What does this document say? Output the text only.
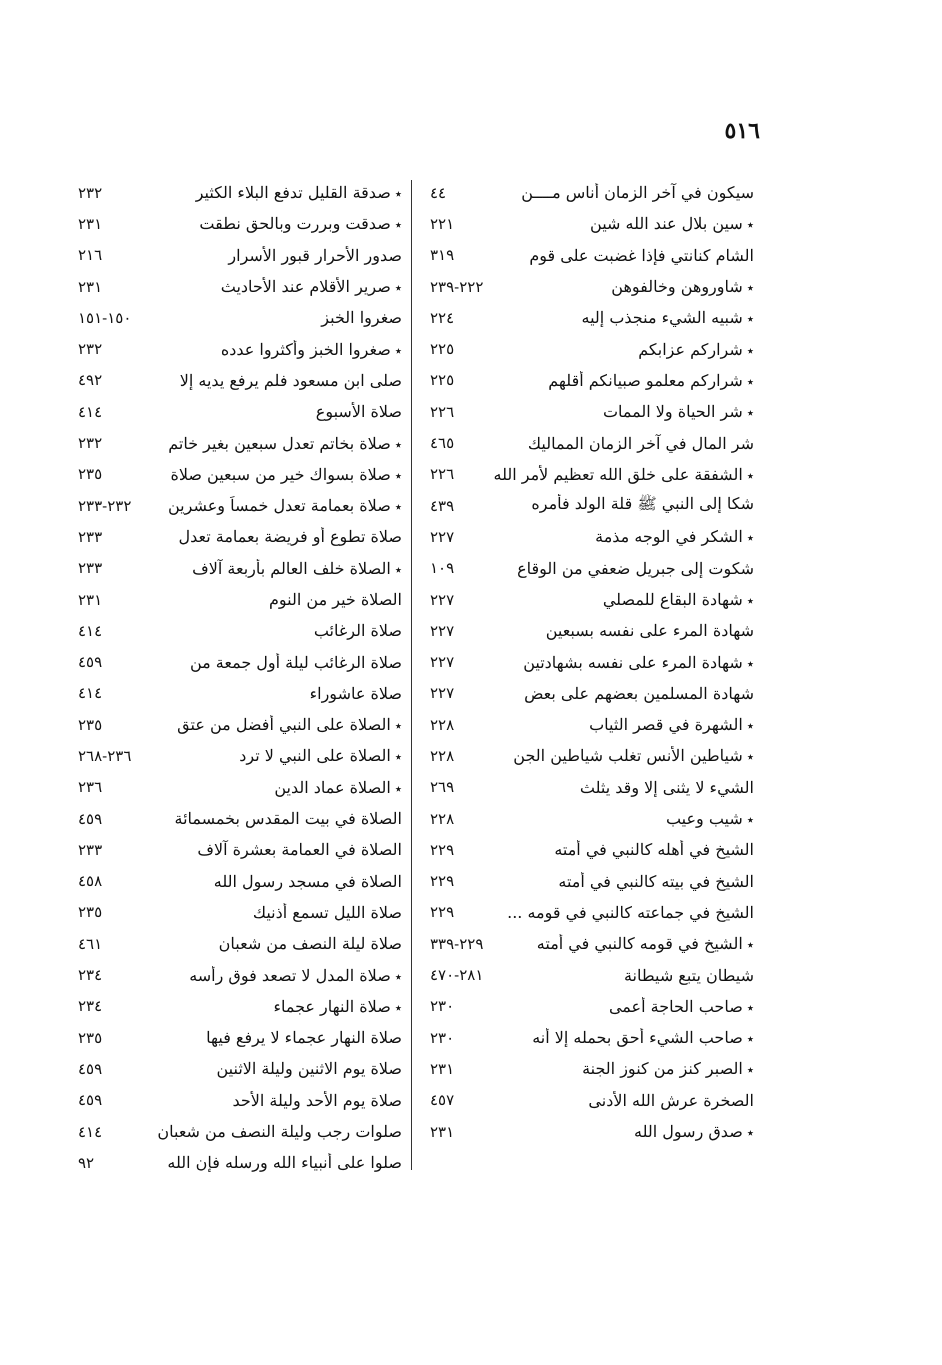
٥١٦
سيكون في آخر الزمان أناس مــــن
٤٤
٭ سين بلال عند الله شين
٢٢١
الشام كنانتي فإذا غضبت على قوم
٣١٩
٭ شاوروهن وخالفوهن
٢٢٢-٢٣٩
٭ شبيه الشيء منجذب إليه
٢٢٤
٭ شراركم عزابكم
٢٢٥
٭ شراركم معلمو صبيانكم أقلهم
٢٢٥
٭ شر الحياة ولا الممات
٢٢٦
شر المال في آخر الزمان المماليك
٤٦٥
٭ الشفقة على خلق الله تعظيم لأمر الله
٢٢٦
شكا إلى النبي ﷺ قلة الولد فأمره
٤٣٩
٭ الشكر في الوجه مذمة
٢٢٧
شكوت إلى جبريل ضعفي من الوقاع
١٠٩
٭ شهادة البقاع للمصلي
٢٢٧
شهادة المرء على نفسه بسبعين
٢٢٧
٭ شهادة المرء على نفسه بشهادتين
٢٢٧
شهادة المسلمين بعضهم على بعض
٢٢٧
٭ الشهرة في قصر الثياب
٢٢٨
٭ شياطين الأنس تغلب شياطين الجن
٢٢٨
الشيء لا يثنى إلا وقد يثلث
٢٦٩
٭ شيب وعيب
٢٢٨
الشيخ في أهله كالنبي في أمته
٢٢٩
الشيخ في بيته كالنبي في أمته
٢٢٩
الشيخ في جماعته كالنبي في قومه ...
٢٢٩
٭ الشيخ في قومه كالنبي في أمته
٢٢٩-٣٣٩
شيطان يتبع شيطانة
٢٨١-٤٧٠
٭ صاحب الحاجة أعمى
٢٣٠
٭ صاحب الشيء أحق بحمله إلا أنه
٢٣٠
٭ الصبر كنز من كنوز الجنة
٢٣١
الصخرة عرش الله الأدنى
٤٥٧
٭ صدق رسول الله
٢٣١
٭ صدقة القليل تدفع البلاء الكثير
٢٣٢
٭ صدقت وبررت وبالحق نطقت
٢٣١
صدور الأحرار قبور الأسرار
٢١٦
٭ صرير الأقلام عند الأحاديث
٢٣١
صغروا الخبز
١٥٠-١٥١
٭ صغروا الخبز وأكثروا عدده
٢٣٢
صلى ابن مسعود فلم يرفع يديه إلا
٤٩٢
صلاة الأسبوع
٤١٤
٭ صلاة بخاتم تعدل سبعين بغير خاتم
٢٣٢
٭ صلاة بسواك خير من سبعين صلاة
٢٣٥
٭ صلاة بعمامة تعدل خمساً وعشرين
٢٣٢-٢٣٣
صلاة تطوع أو فريضة بعمامة تعدل
٢٣٣
٭ الصلاة خلف العالم بأربعة آلاف
٢٣٣
الصلاة خير من النوم
٢٣١
صلاة الرغائب
٤١٤
صلاة الرغائب ليلة أول جمعة من
٤٥٩
صلاة عاشوراء
٤١٤
٭ الصلاة على النبي أفضل من عتق
٢٣٥
٭ الصلاة على النبي لا ترد
٢٣٦-٢٦٨
٭ الصلاة عماد الدين
٢٣٦
الصلاة في بيت المقدس بخمسمائة
٤٥٩
الصلاة في العمامة بعشرة آلاف
٢٣٣
الصلاة في مسجد رسول الله
٤٥٨
صلاة الليل تسمع أذنيك
٢٣٥
صلاة ليلة النصف من شعبان
٤٦١
٭ صلاة المدل لا تصعد فوق رأسه
٢٣٤
٭ صلاة النهار عجماء
٢٣٤
صلاة النهار عجماء لا يرفع فيها
٢٣٥
صلاة يوم الاثنين وليلة الاثنين
٤٥٩
صلاة يوم الأحد وليلة الأحد
٤٥٩
صلوات رجب وليلة النصف من شعبان
٤١٤
صلوا على أنبياء الله ورسله فإن الله
٩٢
